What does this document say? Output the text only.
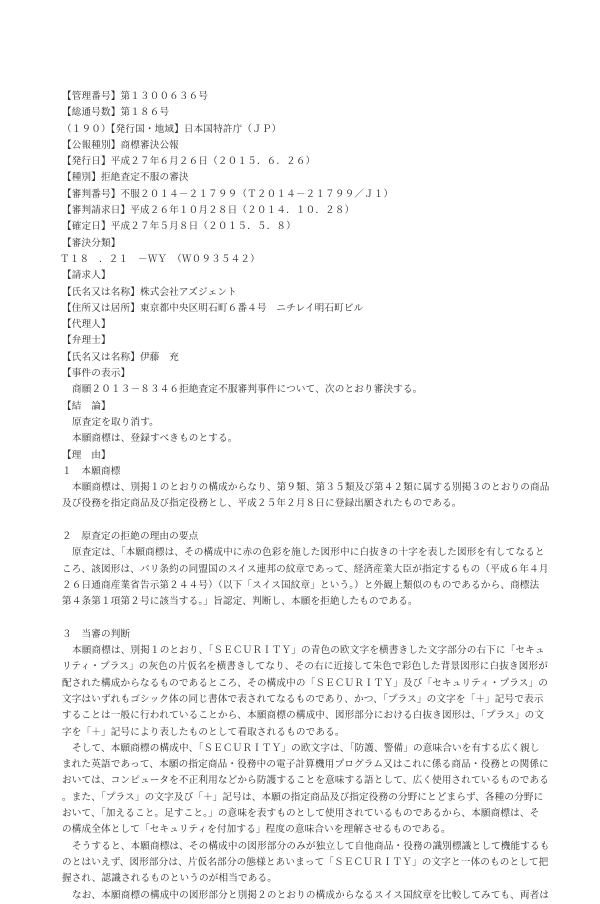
【管理番号】第１３００６３６号
【総通号数】第１８６号
（１９０）【発行国・地域】日本国特許庁（ＪＰ）
【公報種別】商標審決公報
【発行日】平成２７年６月２６日（２０１５．６．２６）
【種別】拒絶査定不服の審決
【審判番号】不服２０１４－２１７９９（Ｔ２０１４－２１７９９／Ｊ１）
【審判請求日】平成２６年１０月２８日（２０１４．１０．２８）
【確定日】平成２７年５月８日（２０１５．５．８）
【審決分類】
Ｔ１８　．２１　－ＷＹ　（Ｗ０９３５４２）
【請求人】
【氏名又は名称】株式会社アズジェント
【住所又は居所】東京都中央区明石町６番４号　ニチレイ明石町ビル
【代理人】
【弁理士】
【氏名又は名称】伊藤　充
【事件の表示】
商願２０１３－８３４６拒絶査定不服審判事件について、次のとおり審決する。
【結　論】
原査定を取り消す。
本願商標は、登録すべきものとする。
【理　由】
１　本願商標
本願商標は、別掲１のとおりの構成からなり、第９類、第３５類及び第４２類に属する別掲３のとおりの商品
及び役務を指定商品及び指定役務とし、平成２５年２月８日に登録出願されたものである。
２　原査定の拒絶の理由の要点
原査定は、「本願商標は、その構成中に赤の色彩を施した図形中に白抜きの十字を表した図形を有してなると
ころ、該図形は、パリ条約の同盟国のスイス連邦の紋章であって、経済産業大臣が指定するもの（平成６年４月
２６日通商産業省告示第２４４号）（以下「スイス国紋章」という。）と外観上類似のものであるから、商標法
第４条第１項第２号に該当する。」旨認定、判断し、本願を拒絶したものである。
３　当審の判断
本願商標は、別掲１のとおり、「ＳＥＣＵＲＩＴＹ」の青色の欧文字を横書きした文字部分の右下に「セキュ
リティ・プラス」の灰色の片仮名を横書きしてなり、その右に近接して朱色で彩色した背景図形に白抜き図形が
配された構成からなるものであるところ、その構成中の「ＳＥＣＵＲＩＴＹ」及び「セキュリティ・プラス」の
文字はいずれもゴシック体の同じ書体で表されてなるものであり、かつ、「プラス」の文字を「＋」記号で表示
することは一般に行われていることから、本願商標の構成中、図形部分における白抜き図形は、「プラス」の文
字を「＋」記号により表したものとして看取されるものである。
そして、本願商標の構成中、「ＳＥＣＵＲＩＴＹ」の欧文字は、「防護、警備」の意味合いを有する広く親し
まれた英語であって、本願の指定商品・役務中の電子計算機用プログラム又はこれに係る商品・役務との関係に
おいては、コンピュータを不正利用などから防護することを意味する語として、広く使用されているものである
。また、「プラス」の文字及び「＋」記号は、本願の指定商品及び指定役務の分野にとどまらず、各種の分野に
おいて、「加えること。足すこと。」の意味を表すものとして使用されているものであるから、本願商標は、そ
の構成全体として「セキュリティを付加する」程度の意味合いを理解させるものである。
そうすると、本願商標は、その構成中の図形部分のみが独立して自他商品・役務の識別標識として機能するも
のとはいえず、図形部分は、片仮名部分の態様とあいまって「ＳＥＣＵＲＩＴＹ」の文字と一体のものとして把
握され、認識されるものというのが相当である。
なお、本願商標の構成中の図形部分と別掲２のとおりの構成からなるスイス国紋章を比較してみても、両者は
